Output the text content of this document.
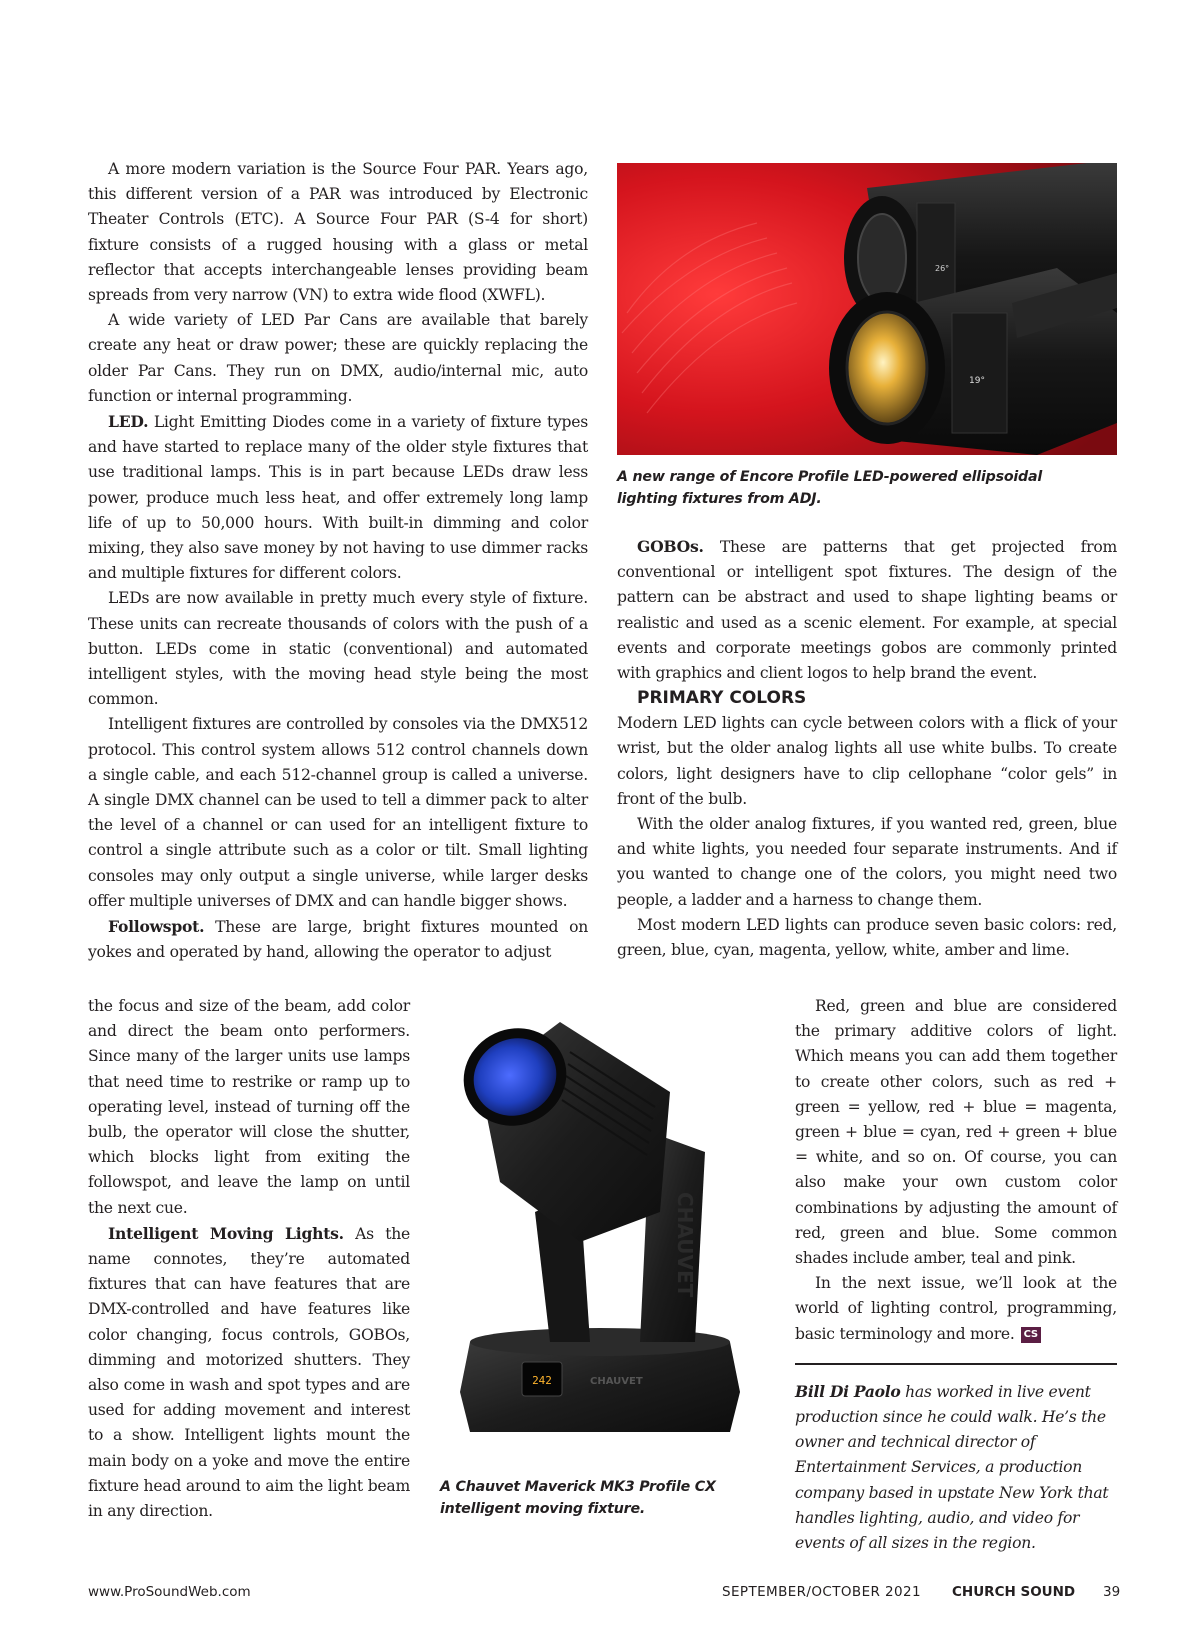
A more modern variation is the Source Four PAR. Years ago, this different version of a PAR was introduced by Electronic Theater Controls (ETC). A Source Four PAR (S-4 for short) fixture consists of a rugged housing with a glass or metal reflector that accepts interchangeable lenses providing beam spreads from very narrow (VN) to extra wide flood (XWFL).

A wide variety of LED Par Cans are available that barely create any heat or draw power; these are quickly replacing the older Par Cans. They run on DMX, audio/internal mic, auto function or internal programming.

LED. Light Emitting Diodes come in a variety of fixture types and have started to replace many of the older style fixtures that use traditional lamps. This is in part because LEDs draw less power, produce much less heat, and offer extremely long lamp life of up to 50,000 hours. With built-in dimming and color mixing, they also save money by not having to use dimmer racks and multiple fixtures for different colors.

LEDs are now available in pretty much every style of fixture. These units can recreate thousands of colors with the push of a button. LEDs come in static (conventional) and automated intelligent styles, with the moving head style being the most common.

Intelligent fixtures are controlled by consoles via the DMX512 protocol. This control system allows 512 control channels down a single cable, and each 512-channel group is called a universe. A single DMX channel can be used to tell a dimmer pack to alter the level of a channel or can used for an intelligent fixture to control a single attribute such as a color or tilt. Small lighting consoles may only output a single universe, while larger desks offer multiple universes of DMX and can handle bigger shows.

Followspot. These are large, bright fixtures mounted on yokes and operated by hand, allowing the operator to adjust

the focus and size of the beam, add color and direct the beam onto performers. Since many of the larger units use lamps that need time to restrike or ramp up to operating level, instead of turning off the bulb, the operator will close the shutter, which blocks light from exiting the followspot, and leave the lamp on until the next cue.

Intelligent Moving Lights. As the name connotes, they’re automated fixtures that can have features that are DMX-controlled and have features like color changing, focus controls, GOBOs, dimming and motorized shutters. They also come in wash and spot types and are used for adding movement and interest to a show. Intelligent lights mount the main body on a yoke and move the entire fixture head around to aim the light beam in any direction.

26°
19°

A new range of Encore Profile LED-powered ellipsoidal lighting fixtures from ADJ.

GOBOs. These are patterns that get projected from conventional or intelligent spot fixtures. The design of the pattern can be abstract and used to shape lighting beams or realistic and used as a scenic element. For example, at special events and corporate meetings gobos are commonly printed with graphics and client logos to help brand the event.

PRIMARY COLORS

Modern LED lights can cycle between colors with a flick of your wrist, but the older analog lights all use white bulbs. To create colors, light designers have to clip cellophane “color gels” in front of the bulb.

With the older analog fixtures, if you wanted red, green, blue and white lights, you needed four separate instruments. And if you wanted to change one of the colors, you might need two people, a ladder and a harness to change them.

Most modern LED lights can produce seven basic colors: red, green, blue, cyan, magenta, yellow, white, amber and lime.

242	CHAUVET
CHAUVET

A Chauvet Maverick MK3 Profile CX intelligent moving fixture.

Red, green and blue are considered the primary additive colors of light. Which means you can add them together to create other colors, such as red + green = yellow, red + blue = magenta, green + blue = cyan, red + green + blue = white, and so on. Of course, you can also make your own custom color combinations by adjusting the amount of red, green and blue. Some common shades include amber, teal and pink.

In the next issue, we’ll look at the world of lighting control, programming, basic terminology and more. CS

Bill Di Paolo has worked in live event production since he could walk. He’s the owner and technical director of Entertainment Services, a production company based in upstate New York that handles lighting, audio, and video for events of all sizes in the region.

www.ProSoundWeb.com	SEPTEMBER/OCTOBER 2021 CHURCH SOUND 39
